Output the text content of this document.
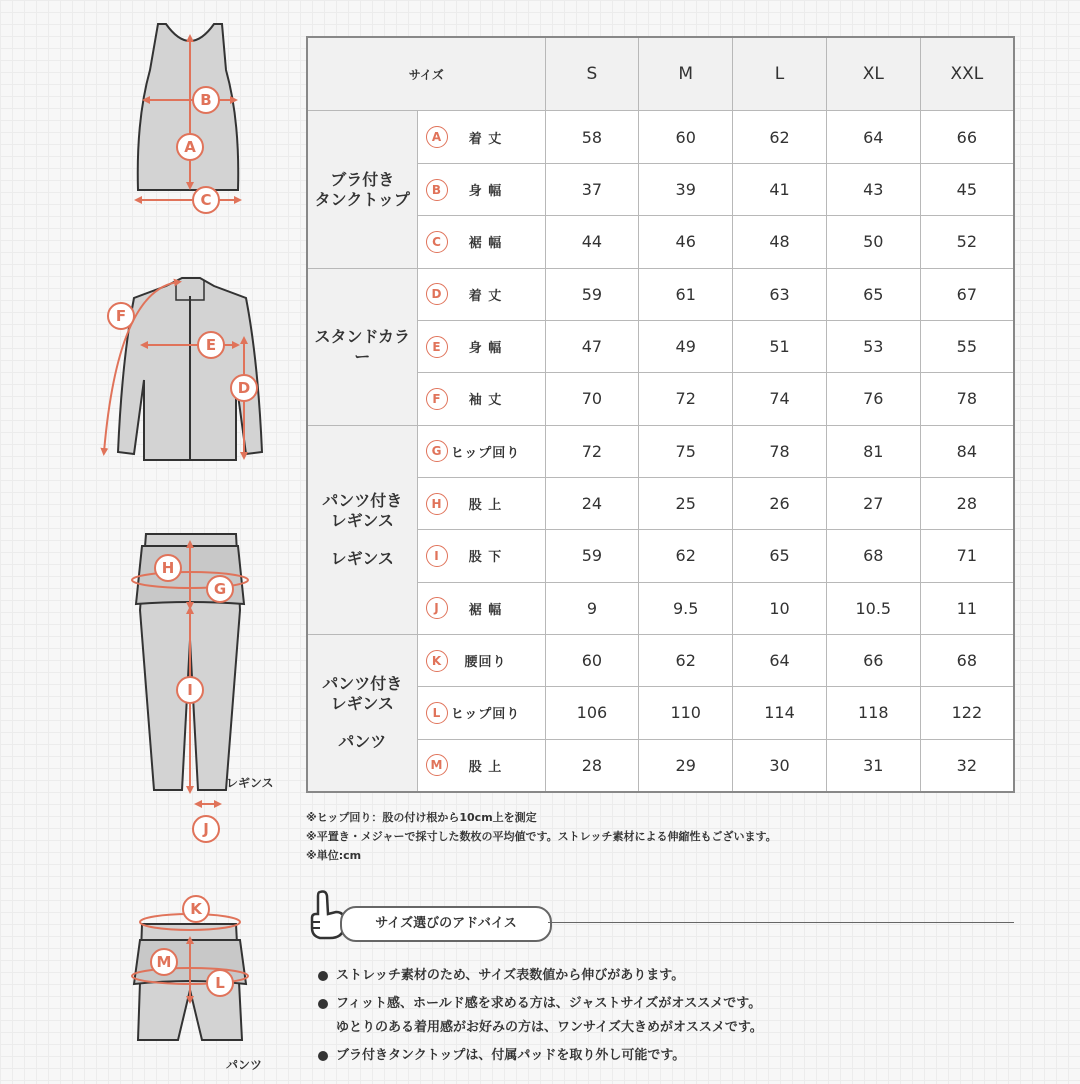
B
A
C
F
E
D
H
G
I
J
K
M
L
レギンス
パンツ
サイズ		S	M	L	XL	XXL

ブラ付き
タンクトップ	A 着 丈	58	60	62	64	66
	B 身 幅	37	39	41	43	45
	C 裾 幅	44	46	48	50	52

スタンドカラー	D 着 丈	59	61	63	65	67
	E 身 幅	47	49	51	53	55
	F 袖 丈	70	72	74	76	78

パンツ付き
レギンス
レギンス	G ヒップ回り	72	75	78	81	84
	H 股 上	24	25	26	27	28
	I 股 下	59	62	65	68	71
	J 裾 幅	9	9.5	10	10.5	11

パンツ付き
レギンス
パンツ	K 腰回り	60	62	64	66	68
	L ヒップ回り	106	110	114	118	122
	M 股 上	28	29	30	31	32
※ヒップ回り：股の付け根から10cm上を測定
※平置き・メジャーで採寸した数枚の平均値です。ストレッチ素材による伸縮性もございます。
※単位:cm
サイズ選びのアドバイス
ストレッチ素材のため、サイズ表数値から伸びがあります。
フィット感、ホールド感を求める方は、ジャストサイズがオススメです。
ゆとりのある着用感がお好みの方は、ワンサイズ大きめがオススメです。
ブラ付きタンクトップは、付属パッドを取り外し可能です。
